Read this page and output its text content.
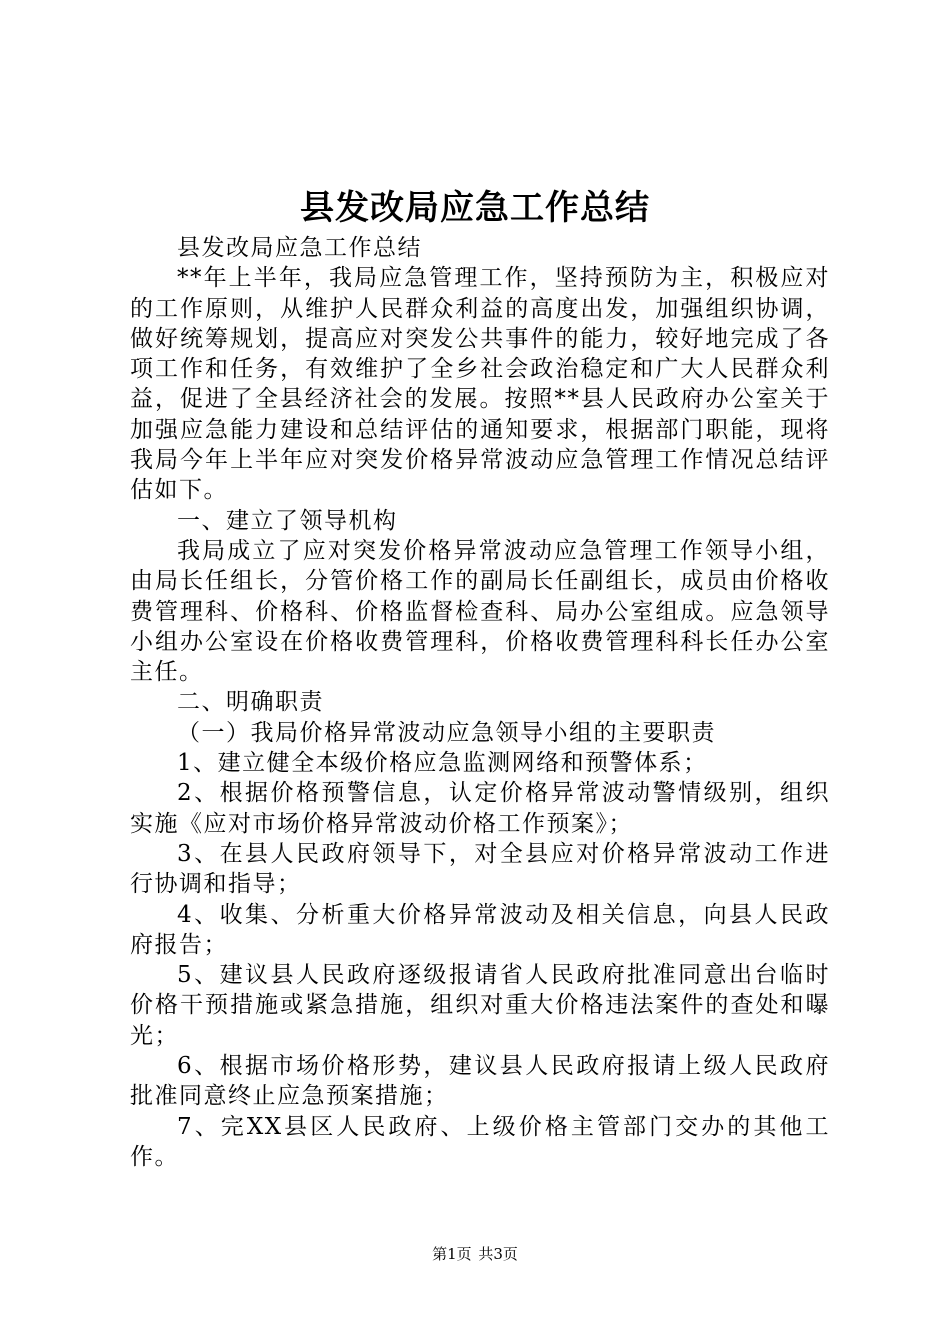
县发改局应急工作总结

县发改局应急工作总结

**年上半年，我局应急管理工作，坚持预防为主，积极应对的工作原则，从维护人民群众利益的高度出发，加强组织协调，做好统筹规划，提高应对突发公共事件的能力，较好地完成了各项工作和任务，有效维护了全乡社会政治稳定和广大人民群众利益，促进了全县经济社会的发展。按照**县人民政府办公室关于加强应急能力建设和总结评估的通知要求，根据部门职能，现将我局今年上半年应对突发价格异常波动应急管理工作情况总结评估如下。

一、建立了领导机构

我局成立了应对突发价格异常波动应急管理工作领导小组，由局长任组长，分管价格工作的副局长任副组长，成员由价格收费管理科、价格科、价格监督检查科、局办公室组成。应急领导小组办公室设在价格收费管理科，价格收费管理科科长任办公室主任。

二、明确职责

（一）我局价格异常波动应急领导小组的主要职责

1、建立健全本级价格应急监测网络和预警体系；

2、根据价格预警信息，认定价格异常波动警情级别，组织实施《应对市场价格异常波动价格工作预案》；

3、在县人民政府领导下，对全县应对价格异常波动工作进行协调和指导；

4、收集、分析重大价格异常波动及相关信息，向县人民政府报告；

5、建议县人民政府逐级报请省人民政府批准同意出台临时价格干预措施或紧急措施，组织对重大价格违法案件的查处和曝光；

6、根据市场价格形势，建议县人民政府报请上级人民政府批准同意终止应急预案措施；

7、完XX县区人民政府、上级价格主管部门交办的其他工作。

第1页 共3页
